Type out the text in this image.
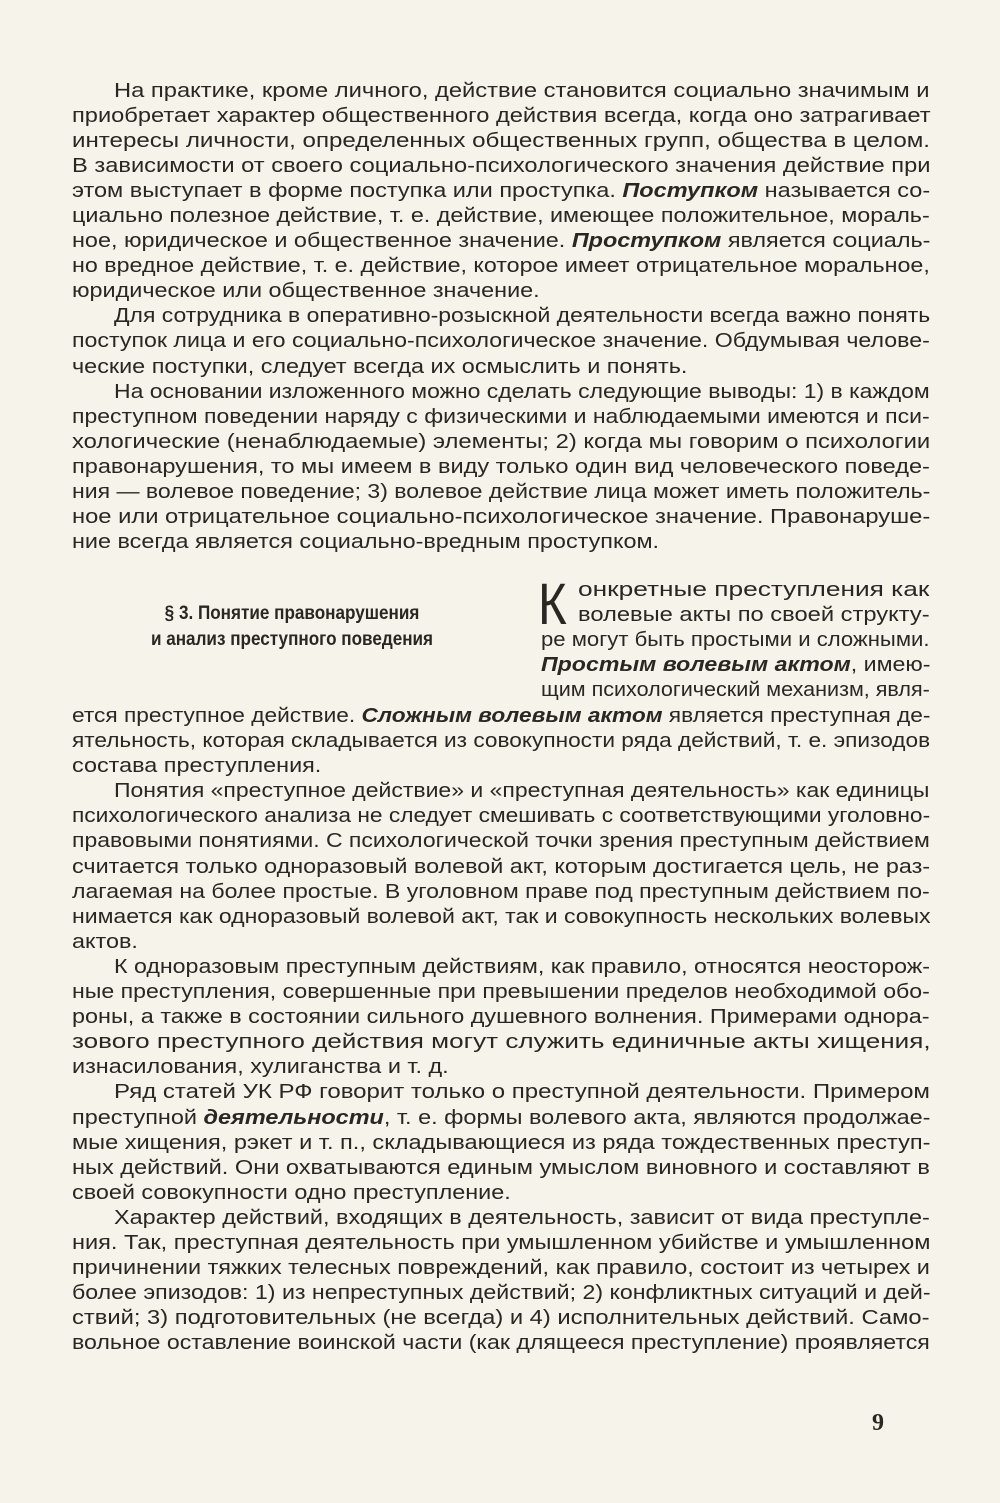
На практике, кроме личного, действие становится социально значимым и
приобретает характер общественного действия всегда, когда оно затрагивает
интересы личности, определенных общественных групп, общества в целом.
В зависимости от своего социально-психологического значения действие при
этом выступает в форме поступка или проступка. Поступком называется со-
циально полезное действие, т. е. действие, имеющее положительное, мораль-
ное, юридическое и общественное значение. Проступком является социаль-
но вредное действие, т. е. действие, которое имеет отрицательное моральное,
юридическое или общественное значение.
Для сотрудника в оперативно-розыскной деятельности всегда важно понять
поступок лица и его социально-психологическое значение. Обдумывая челове-
ческие поступки, следует всегда их осмыслить и понять.
На основании изложенного можно сделать следующие выводы: 1) в каждом
преступном поведении наряду с физическими и наблюдаемыми имеются и пси-
хологические (ненаблюдаемые) элементы; 2) когда мы говорим о психологии
правонарушения, то мы имеем в виду только один вид человеческого поведе-
ния — волевое поведение; 3) волевое действие лица может иметь положитель-
ное или отрицательное социально-психологическое значение. Правонаруше-
ние всегда является социально-вредным проступком.
§ 3. Понятие правонарушения
и анализ преступного поведения
К онкретные преступления как
волевые акты по своей структу-
ре могут быть простыми и сложными.
Простым волевым актом, имею-
щим психологический механизм, явля-
ется преступное действие. Сложным волевым актом является преступная де-
ятельность, которая складывается из совокупности ряда действий, т. е. эпизодов
состава преступления.
Понятия «преступное действие» и «преступная деятельность» как единицы
психологического анализа не следует смешивать с соответствующими уголовно-
правовыми понятиями. С психологической точки зрения преступным действием
считается только одноразовый волевой акт, которым достигается цель, не раз-
лагаемая на более простые. В уголовном праве под преступным действием по-
нимается как одноразовый волевой акт, так и совокупность нескольких волевых
актов.
К одноразовым преступным действиям, как правило, относятся неосторож-
ные преступления, совершенные при превышении пределов необходимой обо-
роны, а также в состоянии сильного душевного волнения. Примерами однора-
зового преступного действия могут служить единичные акты хищения,
изнасилования, хулиганства и т. д.
Ряд статей УК РФ говорит только о преступной деятельности. Примером
преступной деятельности, т. е. формы волевого акта, являются продолжае-
мые хищения, рэкет и т. п., складывающиеся из ряда тождественных преступ-
ных действий. Они охватываются единым умыслом виновного и составляют в
своей совокупности одно преступление.
Характер действий, входящих в деятельность, зависит от вида преступле-
ния. Так, преступная деятельность при умышленном убийстве и умышленном
причинении тяжких телесных повреждений, как правило, состоит из четырех и
более эпизодов: 1) из непреступных действий; 2) конфликтных ситуаций и дей-
ствий; 3) подготовительных (не всегда) и 4) исполнительных действий. Само-
вольное оставление воинской части (как длящееся преступление) проявляется
9
